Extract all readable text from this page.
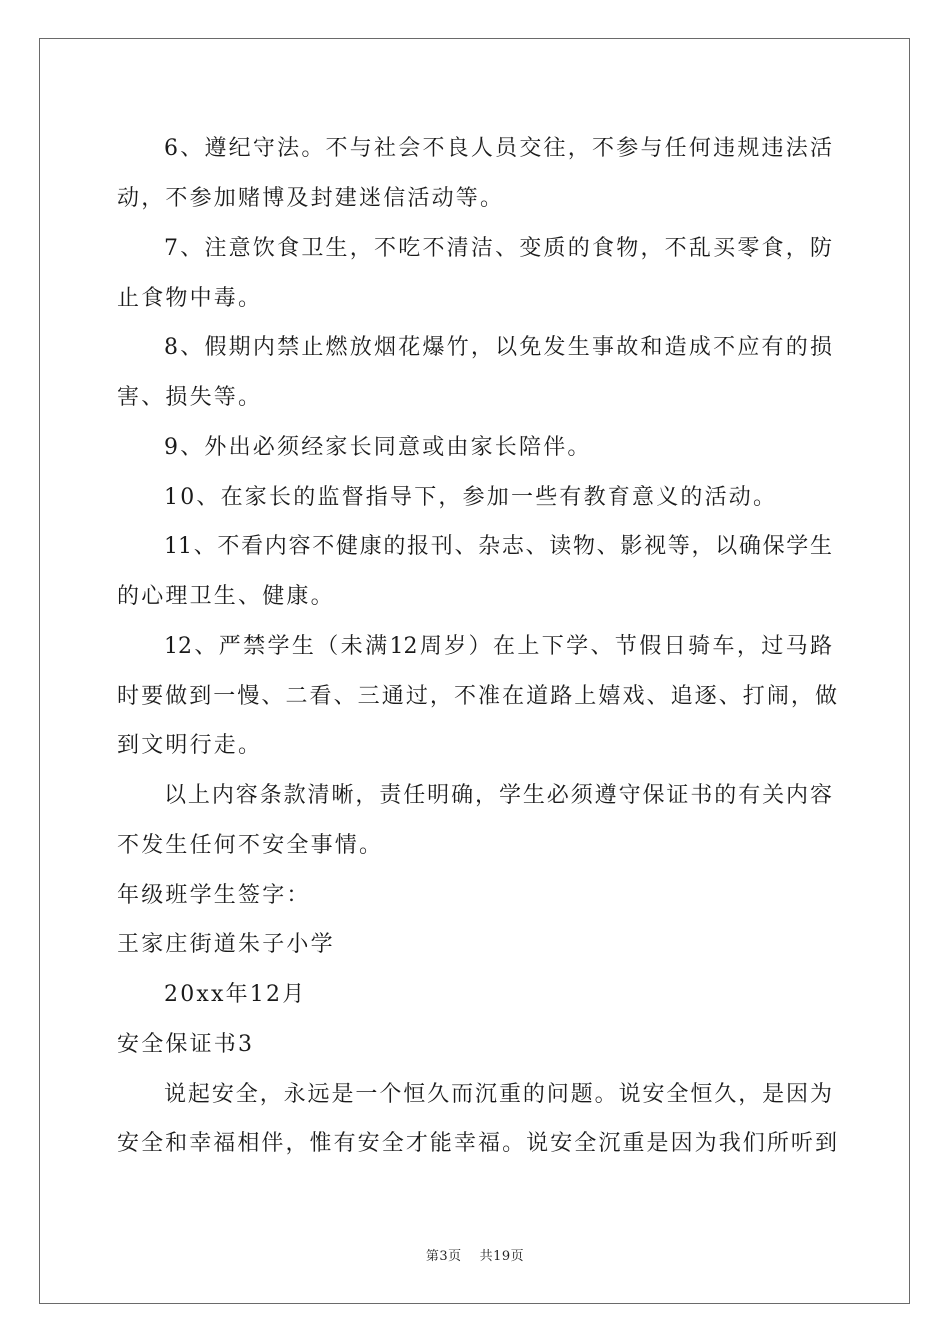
6、遵纪守法。不与社会不良人员交往，不参与任何违规违法活
动，不参加赌博及封建迷信活动等。
7、注意饮食卫生，不吃不清洁、变质的食物，不乱买零食，防
止食物中毒。
8、假期内禁止燃放烟花爆竹，以免发生事故和造成不应有的损
害、损失等。
9、外出必须经家长同意或由家长陪伴。
10、在家长的监督指导下，参加一些有教育意义的活动。
11、不看内容不健康的报刊、杂志、读物、影视等，以确保学生
的心理卫生、健康。
12、严禁学生（未满12周岁）在上下学、节假日骑车，过马路
时要做到一慢、二看、三通过，不准在道路上嬉戏、追逐、打闹，做
到文明行走。
以上内容条款清晰，责任明确，学生必须遵守保证书的有关内容
不发生任何不安全事情。
年级班学生签字：
王家庄街道朱子小学
20xx年12月
安全保证书3
说起安全，永远是一个恒久而沉重的问题。说安全恒久，是因为
安全和幸福相伴，惟有安全才能幸福。说安全沉重是因为我们所听到
第3页 共19页
